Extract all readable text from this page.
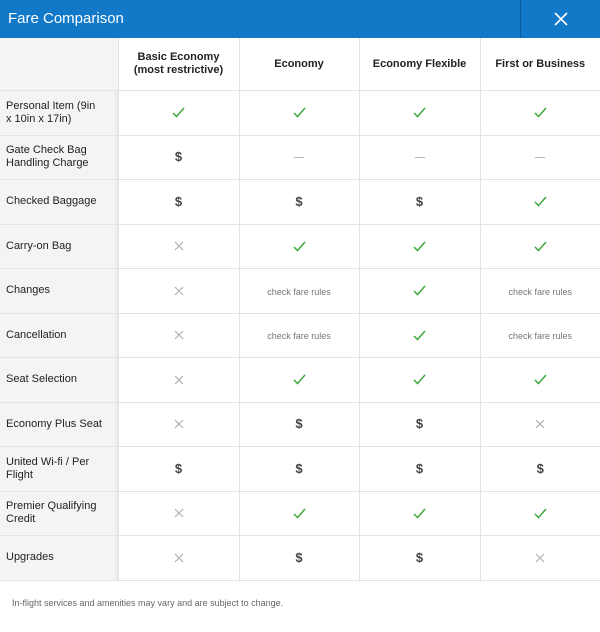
Fare Comparison
	Basic Economy (most restrictive)	Economy	Economy Flexible	First or Business
Personal Item (9in x 10in x 17in)	

Gate Check Bag Handling Charge	$	

Checked Baggage	$	$	$	

Carry-on Bag	

Changes		check fare rules		check fare rules
Cancellation		check fare rules		check fare rules
Seat Selection	

Economy Plus Seat		$	$	

United Wi-fi / Per Flight	$	$	$	$
Premier Qualifying Credit	

Upgrades		$	$	
In-flight services and amenities may vary and are subject to change.
